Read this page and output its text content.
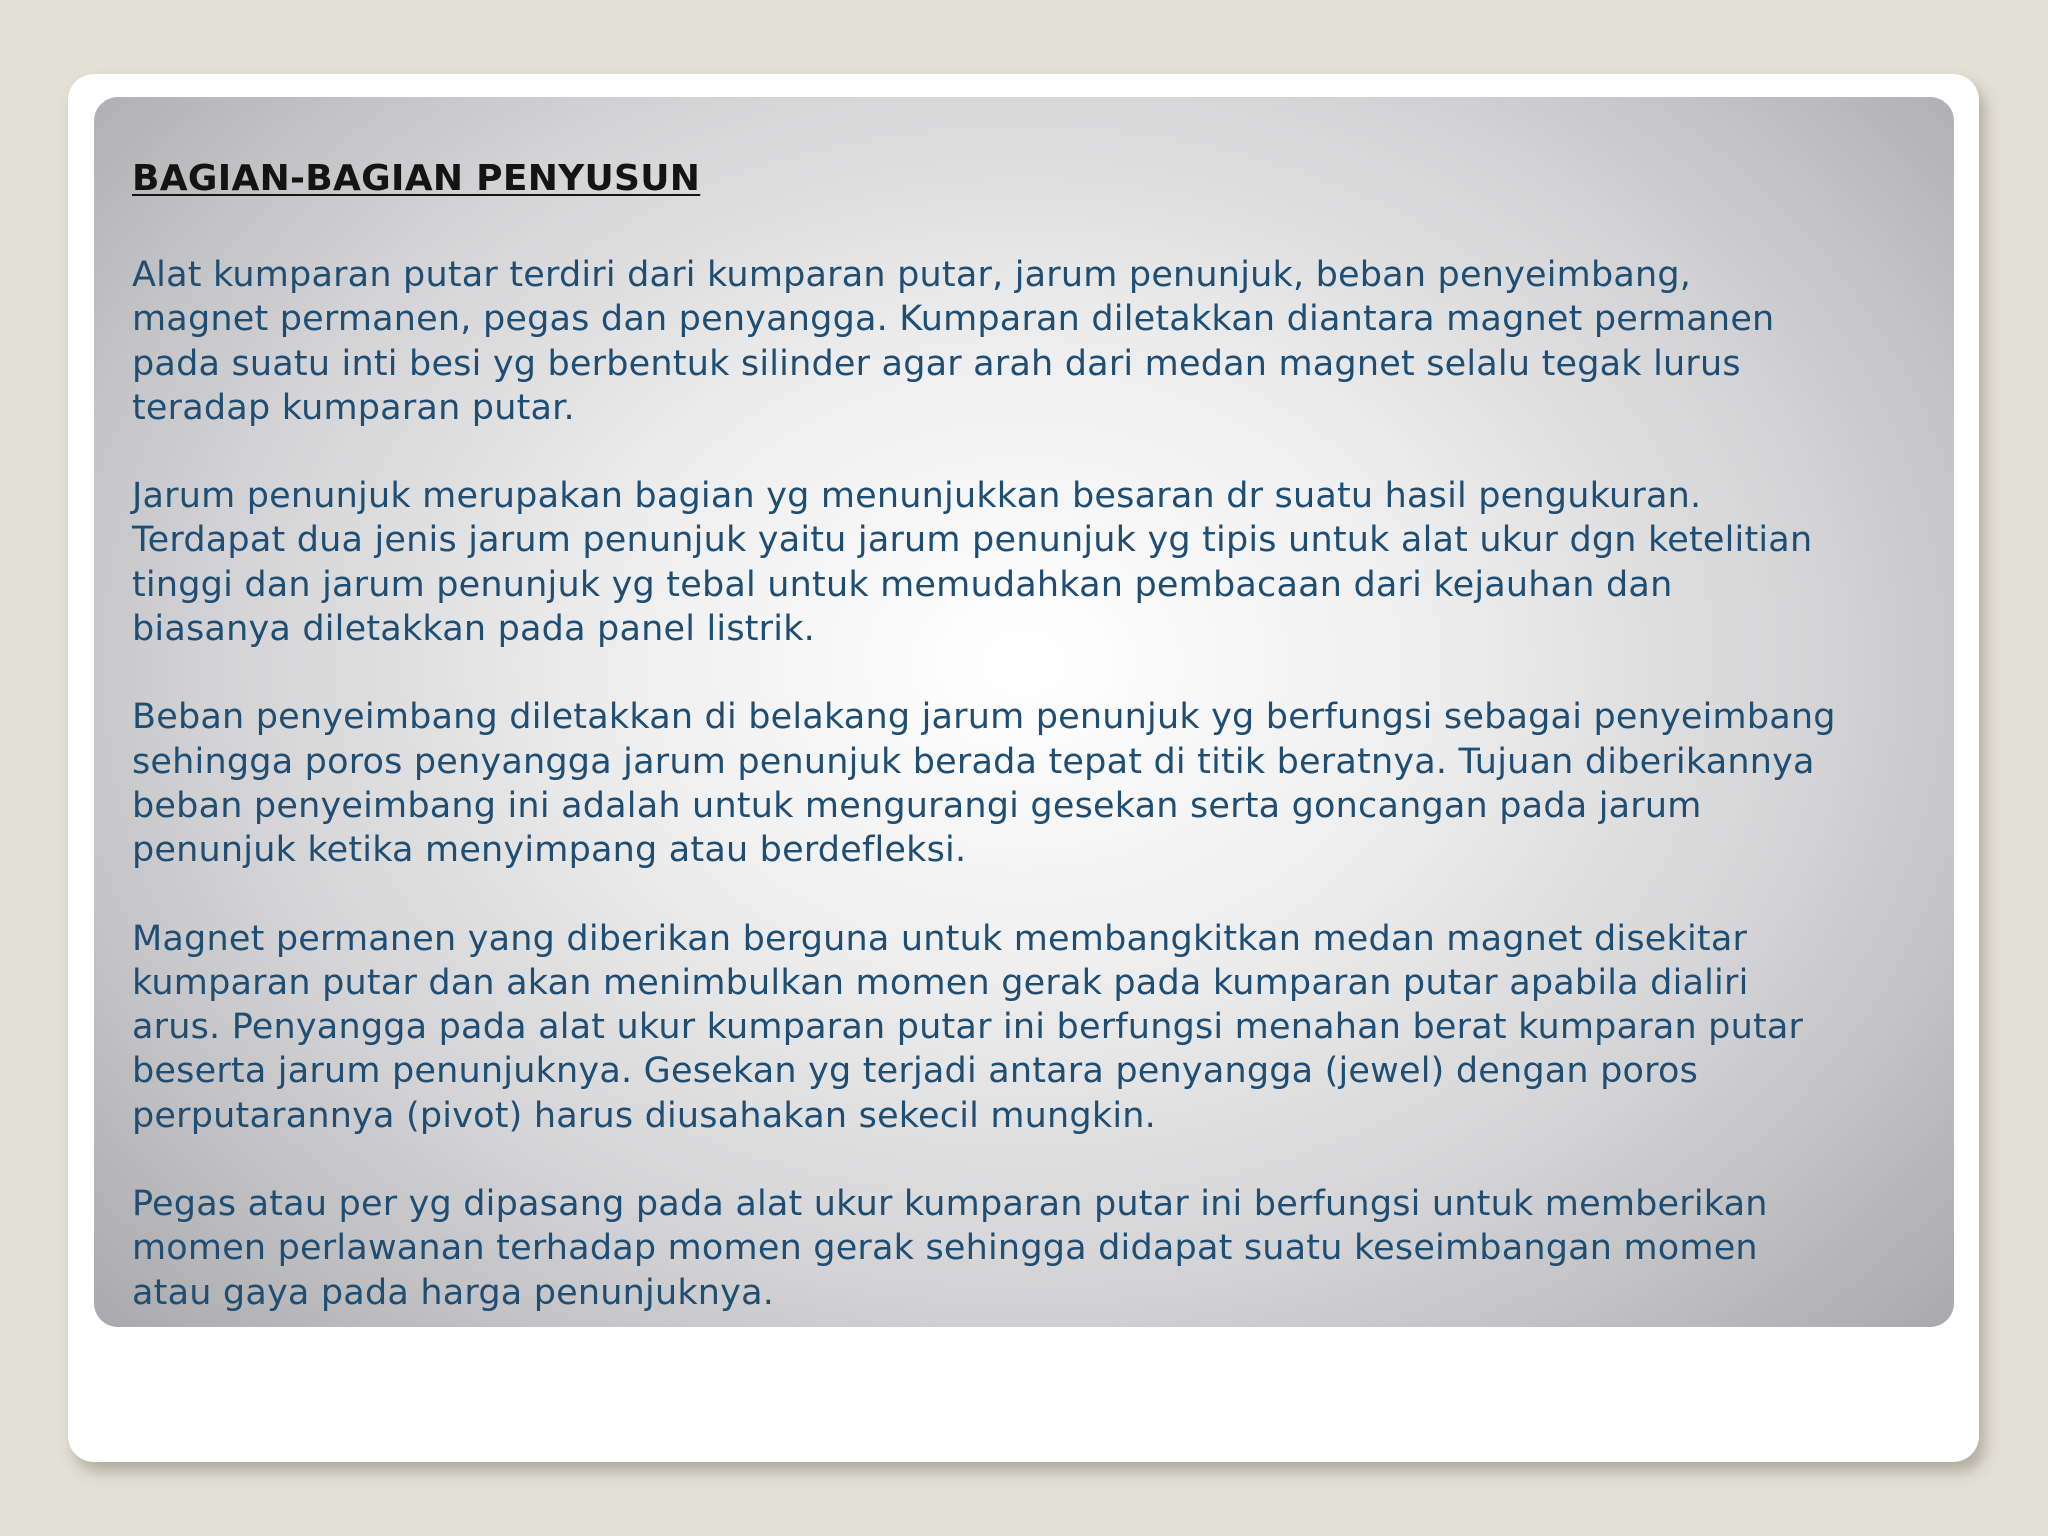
BAGIAN-BAGIAN PENYUSUN

Alat kumparan putar terdiri dari kumparan putar, jarum penunjuk, beban penyeimbang,
magnet permanen, pegas dan penyangga. Kumparan diletakkan diantara magnet permanen
pada suatu inti besi yg berbentuk silinder agar arah dari medan magnet selalu tegak lurus
teradap kumparan putar.

Jarum penunjuk merupakan bagian yg menunjukkan besaran dr suatu hasil pengukuran.
Terdapat dua jenis jarum penunjuk yaitu jarum penunjuk yg tipis untuk alat ukur dgn ketelitian
tinggi dan jarum penunjuk yg tebal untuk memudahkan pembacaan dari kejauhan dan
biasanya diletakkan pada panel listrik.

Beban penyeimbang diletakkan di belakang jarum penunjuk yg berfungsi sebagai penyeimbang
sehingga poros penyangga jarum penunjuk berada tepat di titik beratnya. Tujuan diberikannya
beban penyeimbang ini adalah untuk mengurangi gesekan serta goncangan pada jarum
penunjuk ketika menyimpang atau berdefleksi.

Magnet permanen yang diberikan berguna untuk membangkitkan medan magnet disekitar
kumparan putar dan akan menimbulkan momen gerak pada kumparan putar apabila dialiri
arus. Penyangga pada alat ukur kumparan putar ini berfungsi menahan berat kumparan putar
beserta jarum penunjuknya. Gesekan yg terjadi antara penyangga (jewel) dengan poros
perputarannya (pivot) harus diusahakan sekecil mungkin.

Pegas atau per yg dipasang pada alat ukur kumparan putar ini berfungsi untuk memberikan
momen perlawanan terhadap momen gerak sehingga didapat suatu keseimbangan momen
atau gaya pada harga penunjuknya.
